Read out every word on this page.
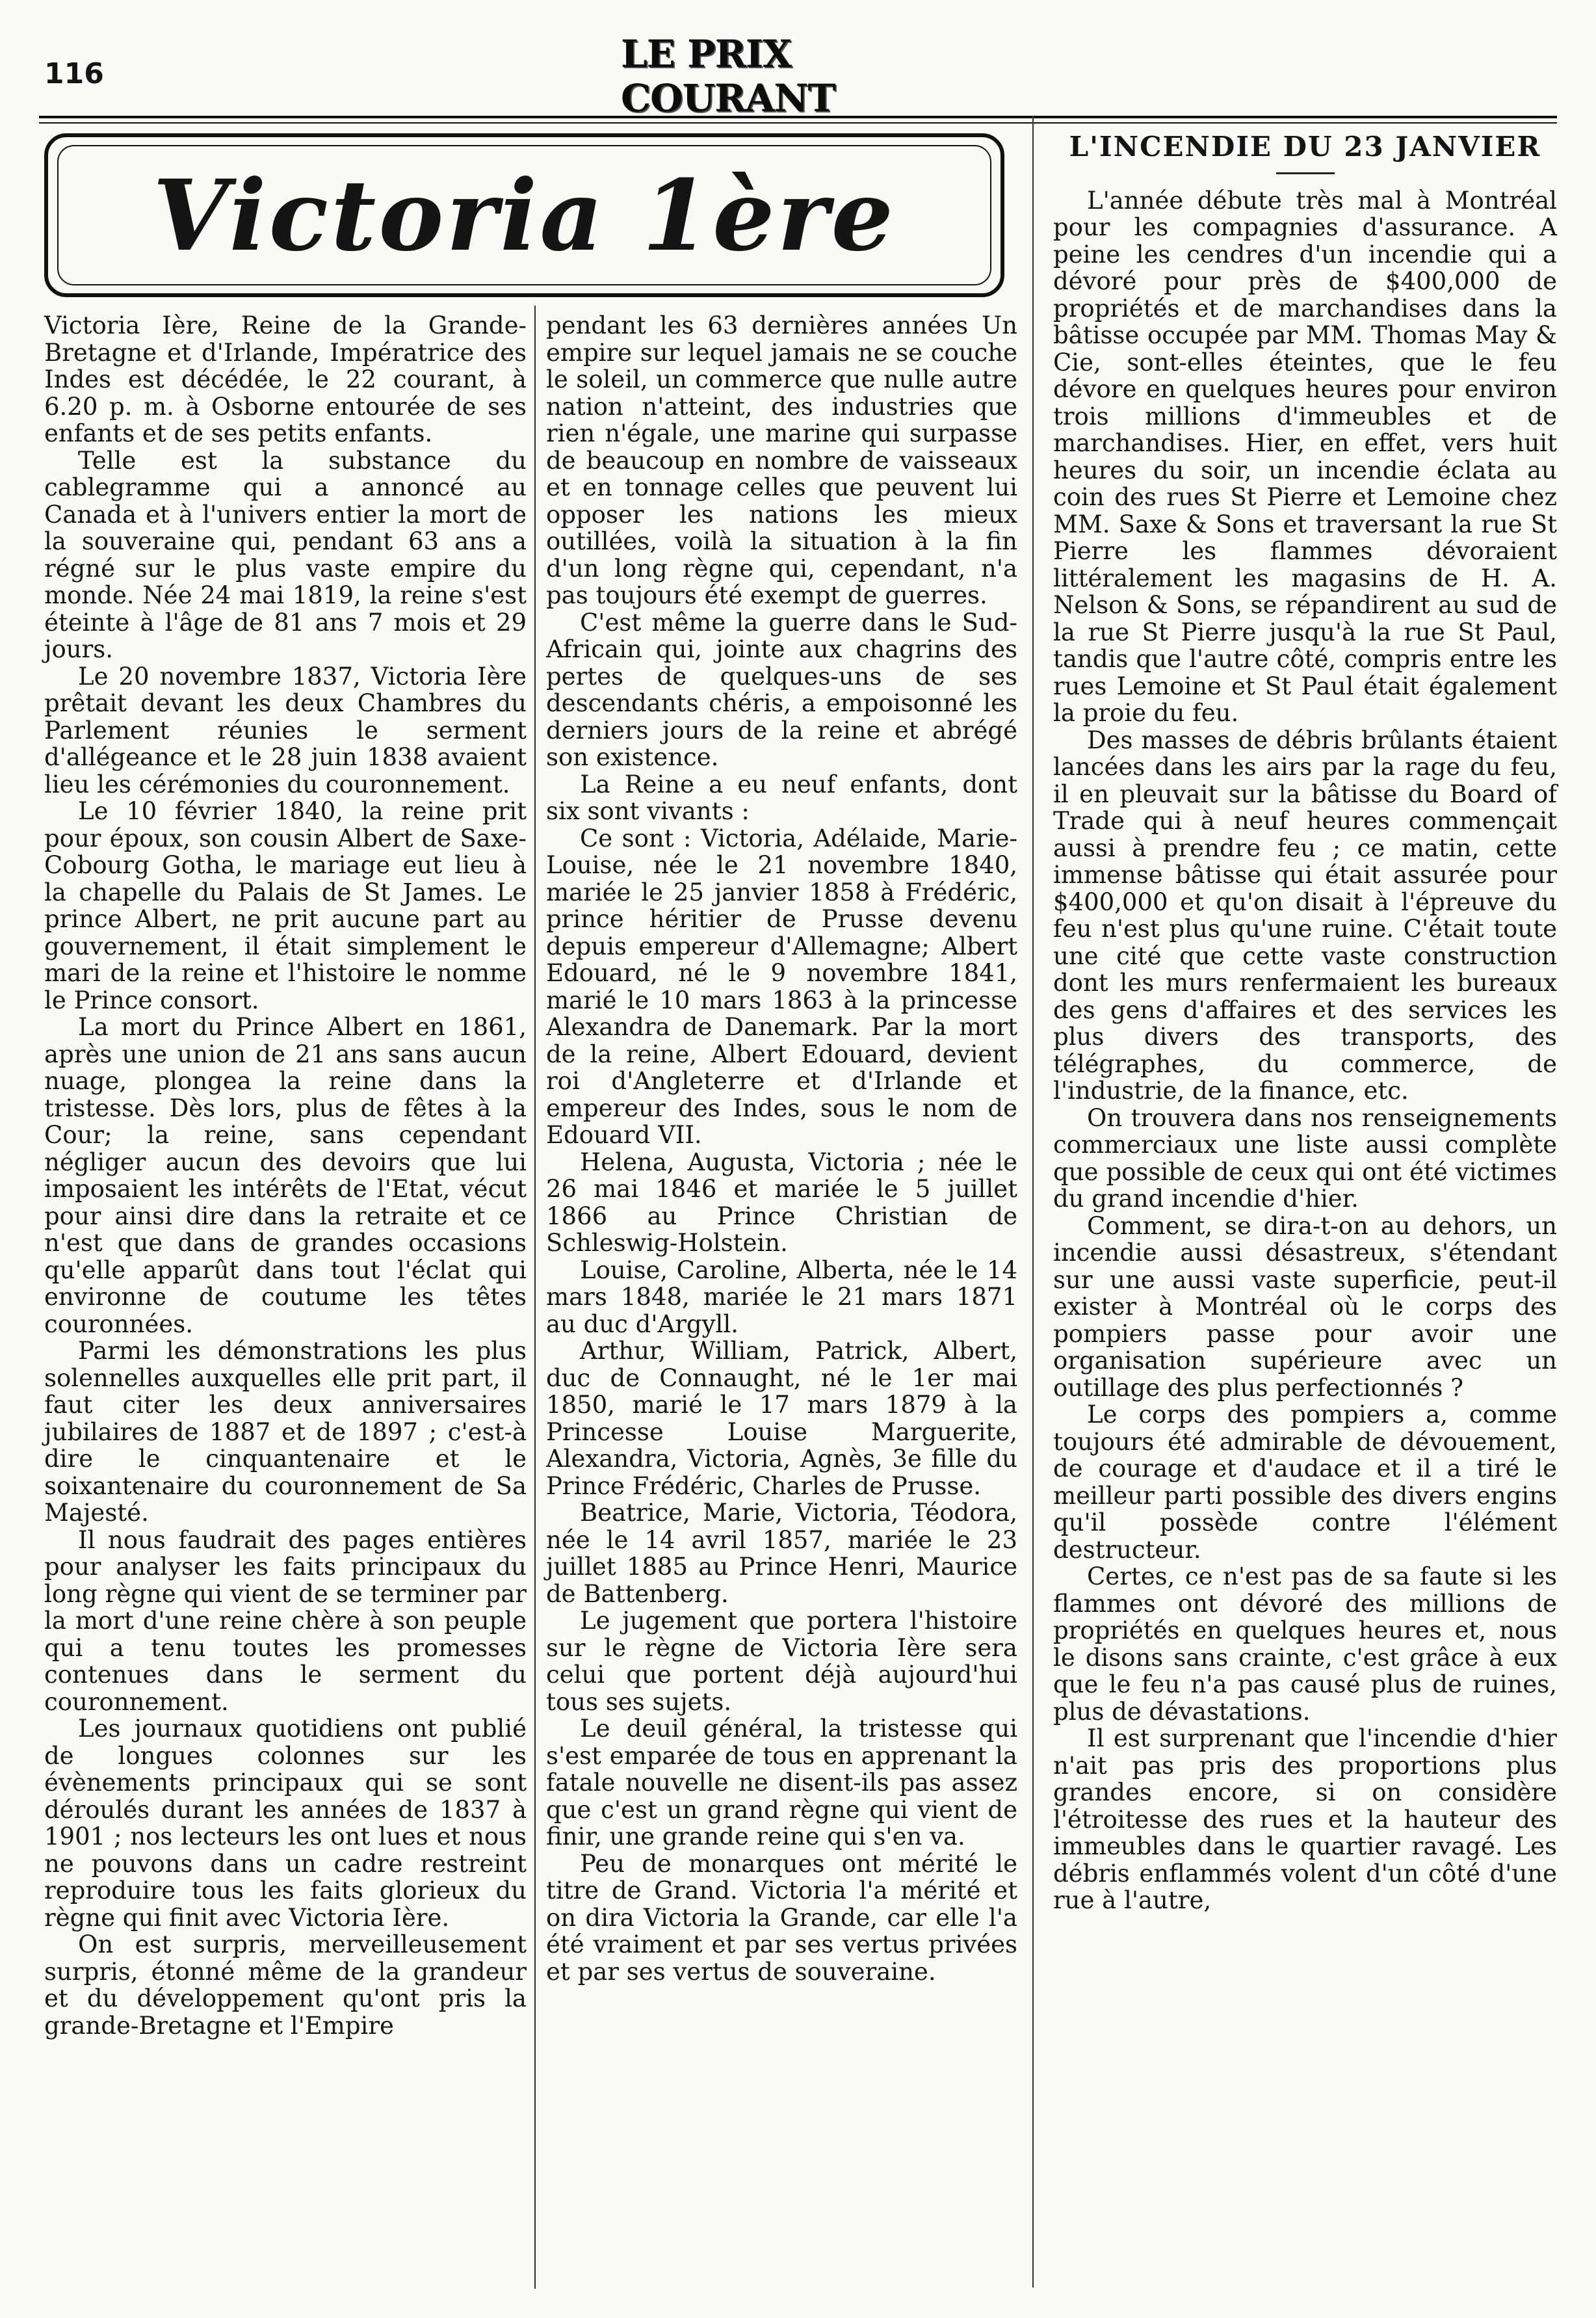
116	LE PRIX COURANT
Victoria 1ère

Victoria Ière, Reine de la Grande-Bretagne et d'Irlande, Impératrice des Indes est décédée, le 22 courant, à 6.20 p. m. à Osborne entourée de ses enfants et de ses petits enfants.

Telle est la substance du cablegramme qui a annoncé au Canada et à l'univers entier la mort de la souveraine qui, pendant 63 ans a régné sur le plus vaste empire du monde. Née 24 mai 1819, la reine s'est éteinte à l'âge de 81 ans 7 mois et 29 jours.

Le 20 novembre 1837, Victoria Ière prêtait devant les deux Chambres du Parlement réunies le serment d'allégeance et le 28 juin 1838 avaient lieu les cérémonies du couronnement.

Le 10 février 1840, la reine prit pour époux, son cousin Albert de Saxe-Cobourg Gotha, le mariage eut lieu à la chapelle du Palais de St James. Le prince Albert, ne prit aucune part au gouvernement, il était simplement le mari de la reine et l'histoire le nomme le Prince consort.

La mort du Prince Albert en 1861, après une union de 21 ans sans aucun nuage, plongea la reine dans la tristesse. Dès lors, plus de fêtes à la Cour; la reine, sans cependant négliger aucun des devoirs que lui imposaient les intérêts de l'Etat, vécut pour ainsi dire dans la retraite et ce n'est que dans de grandes occasions qu'elle apparût dans tout l'éclat qui environne de coutume les têtes couronnées.

Parmi les démonstrations les plus solennelles auxquelles elle prit part, il faut citer les deux anniversaires jubilaires de 1887 et de 1897 ; c'est-à dire le cinquantenaire et le soixantenaire du couronnement de Sa Majesté.

Il nous faudrait des pages entières pour analyser les faits principaux du long règne qui vient de se terminer par la mort d'une reine chère à son peuple qui a tenu toutes les promesses contenues dans le serment du couronnement.

Les journaux quotidiens ont publié de longues colonnes sur les évènements principaux qui se sont déroulés durant les années de 1837 à 1901 ; nos lecteurs les ont lues et nous ne pouvons dans un cadre restreint reproduire tous les faits glorieux du règne qui finit avec Victoria Ière.

On est surpris, merveilleusement surpris, étonné même de la grandeur et du développement qu'ont pris la grande-Bretagne et l'Empire

pendant les 63 dernières années Un empire sur lequel jamais ne se couche le soleil, un commerce que nulle autre nation n'atteint, des industries que rien n'égale, une marine qui surpasse de beaucoup en nombre de vaisseaux et en tonnage celles que peuvent lui opposer les nations les mieux outillées, voilà la situation à la fin d'un long règne qui, cependant, n'a pas toujours été exempt de guerres.

C'est même la guerre dans le Sud-Africain qui, jointe aux chagrins des pertes de quelques-uns de ses descendants chéris, a empoisonné les derniers jours de la reine et abrégé son existence.

La Reine a eu neuf enfants, dont six sont vivants :

Ce sont : Victoria, Adélaide, Marie-Louise, née le 21 novembre 1840, mariée le 25 janvier 1858 à Frédéric, prince héritier de Prusse devenu depuis empereur d'Allemagne; Albert Edouard, né le 9 novembre 1841, marié le 10 mars 1863 à la princesse Alexandra de Danemark. Par la mort de la reine, Albert Edouard, devient roi d'Angleterre et d'Irlande et empereur des Indes, sous le nom de Edouard VII.

Helena, Augusta, Victoria ; née le 26 mai 1846 et mariée le 5 juillet 1866 au Prince Christian de Schleswig-Holstein.

Louise, Caroline, Alberta, née le 14 mars 1848, mariée le 21 mars 1871 au duc d'Argyll.

Arthur, William, Patrick, Albert, duc de Connaught, né le 1er mai 1850, marié le 17 mars 1879 à la Princesse Louise Marguerite, Alexandra, Victoria, Agnès, 3e fille du Prince Frédéric, Charles de Prusse.

Beatrice, Marie, Victoria, Téodora, née le 14 avril 1857, mariée le 23 juillet 1885 au Prince Henri, Maurice de Battenberg.

Le jugement que portera l'histoire sur le règne de Victoria Ière sera celui que portent déjà aujourd'hui tous ses sujets.

Le deuil général, la tristesse qui s'est emparée de tous en apprenant la fatale nouvelle ne disent-ils pas assez que c'est un grand règne qui vient de finir, une grande reine qui s'en va.

Peu de monarques ont mérité le titre de Grand. Victoria l'a mérité et on dira Victoria la Grande, car elle l'a été vraiment et par ses vertus privées et par ses vertus de souveraine.

L'INCENDIE DU 23 JANVIER

L'année débute très mal à Montréal pour les compagnies d'assurance. A peine les cendres d'un incendie qui a dévoré pour près de $400,000 de propriétés et de marchandises dans la bâtisse occupée par MM. Thomas May & Cie, sont-elles éteintes, que le feu dévore en quelques heures pour environ trois millions d'immeubles et de marchandises. Hier, en effet, vers huit heures du soir, un incendie éclata au coin des rues St Pierre et Lemoine chez MM. Saxe & Sons et traversant la rue St Pierre les flammes dévoraient littéralement les magasins de H. A. Nelson & Sons, se répandirent au sud de la rue St Pierre jusqu'à la rue St Paul, tandis que l'autre côté, compris entre les rues Lemoine et St Paul était également la proie du feu.

Des masses de débris brûlants étaient lancées dans les airs par la rage du feu, il en pleuvait sur la bâtisse du Board of Trade qui à neuf heures commençait aussi à prendre feu ; ce matin, cette immense bâtisse qui était assurée pour $400,000 et qu'on disait à l'épreuve du feu n'est plus qu'une ruine. C'était toute une cité que cette vaste construction dont les murs renfermaient les bureaux des gens d'affaires et des services les plus divers des transports, des télégraphes, du commerce, de l'industrie, de la finance, etc.

On trouvera dans nos renseignements commerciaux une liste aussi complète que possible de ceux qui ont été victimes du grand incendie d'hier.

Comment, se dira-t-on au dehors, un incendie aussi désastreux, s'étendant sur une aussi vaste superficie, peut-il exister à Montréal où le corps des pompiers passe pour avoir une organisation supérieure avec un outillage des plus perfectionnés ?

Le corps des pompiers a, comme toujours été admirable de dévouement, de courage et d'audace et il a tiré le meilleur parti possible des divers engins qu'il possède contre l'élément destructeur.

Certes, ce n'est pas de sa faute si les flammes ont dévoré des millions de propriétés en quelques heures et, nous le disons sans crainte, c'est grâce à eux que le feu n'a pas causé plus de ruines, plus de dévastations.

Il est surprenant que l'incendie d'hier n'ait pas pris des proportions plus grandes encore, si on considère l'étroitesse des rues et la hauteur des immeubles dans le quartier ravagé. Les débris enflammés volent d'un côté d'une rue à l'autre,
